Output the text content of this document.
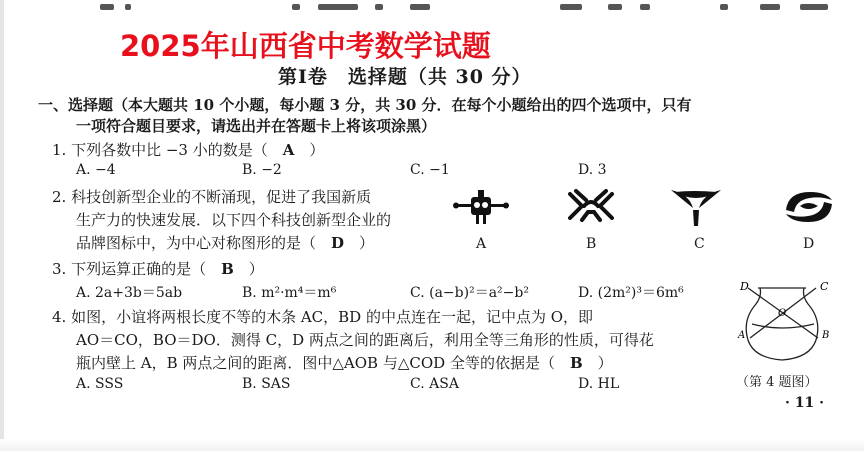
2025年山西省中考数学试题
第Ⅰ卷　选择题（共 30 分）
一、选择题（本大题共 10 个小题，每小题 3 分，共 30 分．在每个小题给出的四个选项中，只有
一项符合题目要求，请选出并在答题卡上将该项涂黑）
1. 下列各数中比 −3 小的数是（　A　）
A. −4	B. −2	C. −1	D. 3
2. 科技创新型企业的不断涌现，促进了我国新质
生产力的快速发展．以下四个科技创新型企业的
品牌图标中，为中心对称图形的是（　D　）	A	B	C	D
3. 下列运算正确的是（　B　）
A. 2a+3b＝5ab	B. m²·m⁴＝m⁶	C. (a−b)²＝a²−b²	D. (2m²)³＝6m⁶
4. 如图，小谊将两根长度不等的木条 AC，BD 的中点连在一起，记中点为 O，即
AO＝CO，BO＝DO．测得 C，D 两点之间的距离后，利用全等三角形的性质，可得花
瓶内壁上 A，B 两点之间的距离．图中△AOB 与△COD 全等的依据是（　B　）
A. SSS	B. SAS	C. ASA	D. HL
D	C
O
A	B
（第 4 题图）
· 11 ·
